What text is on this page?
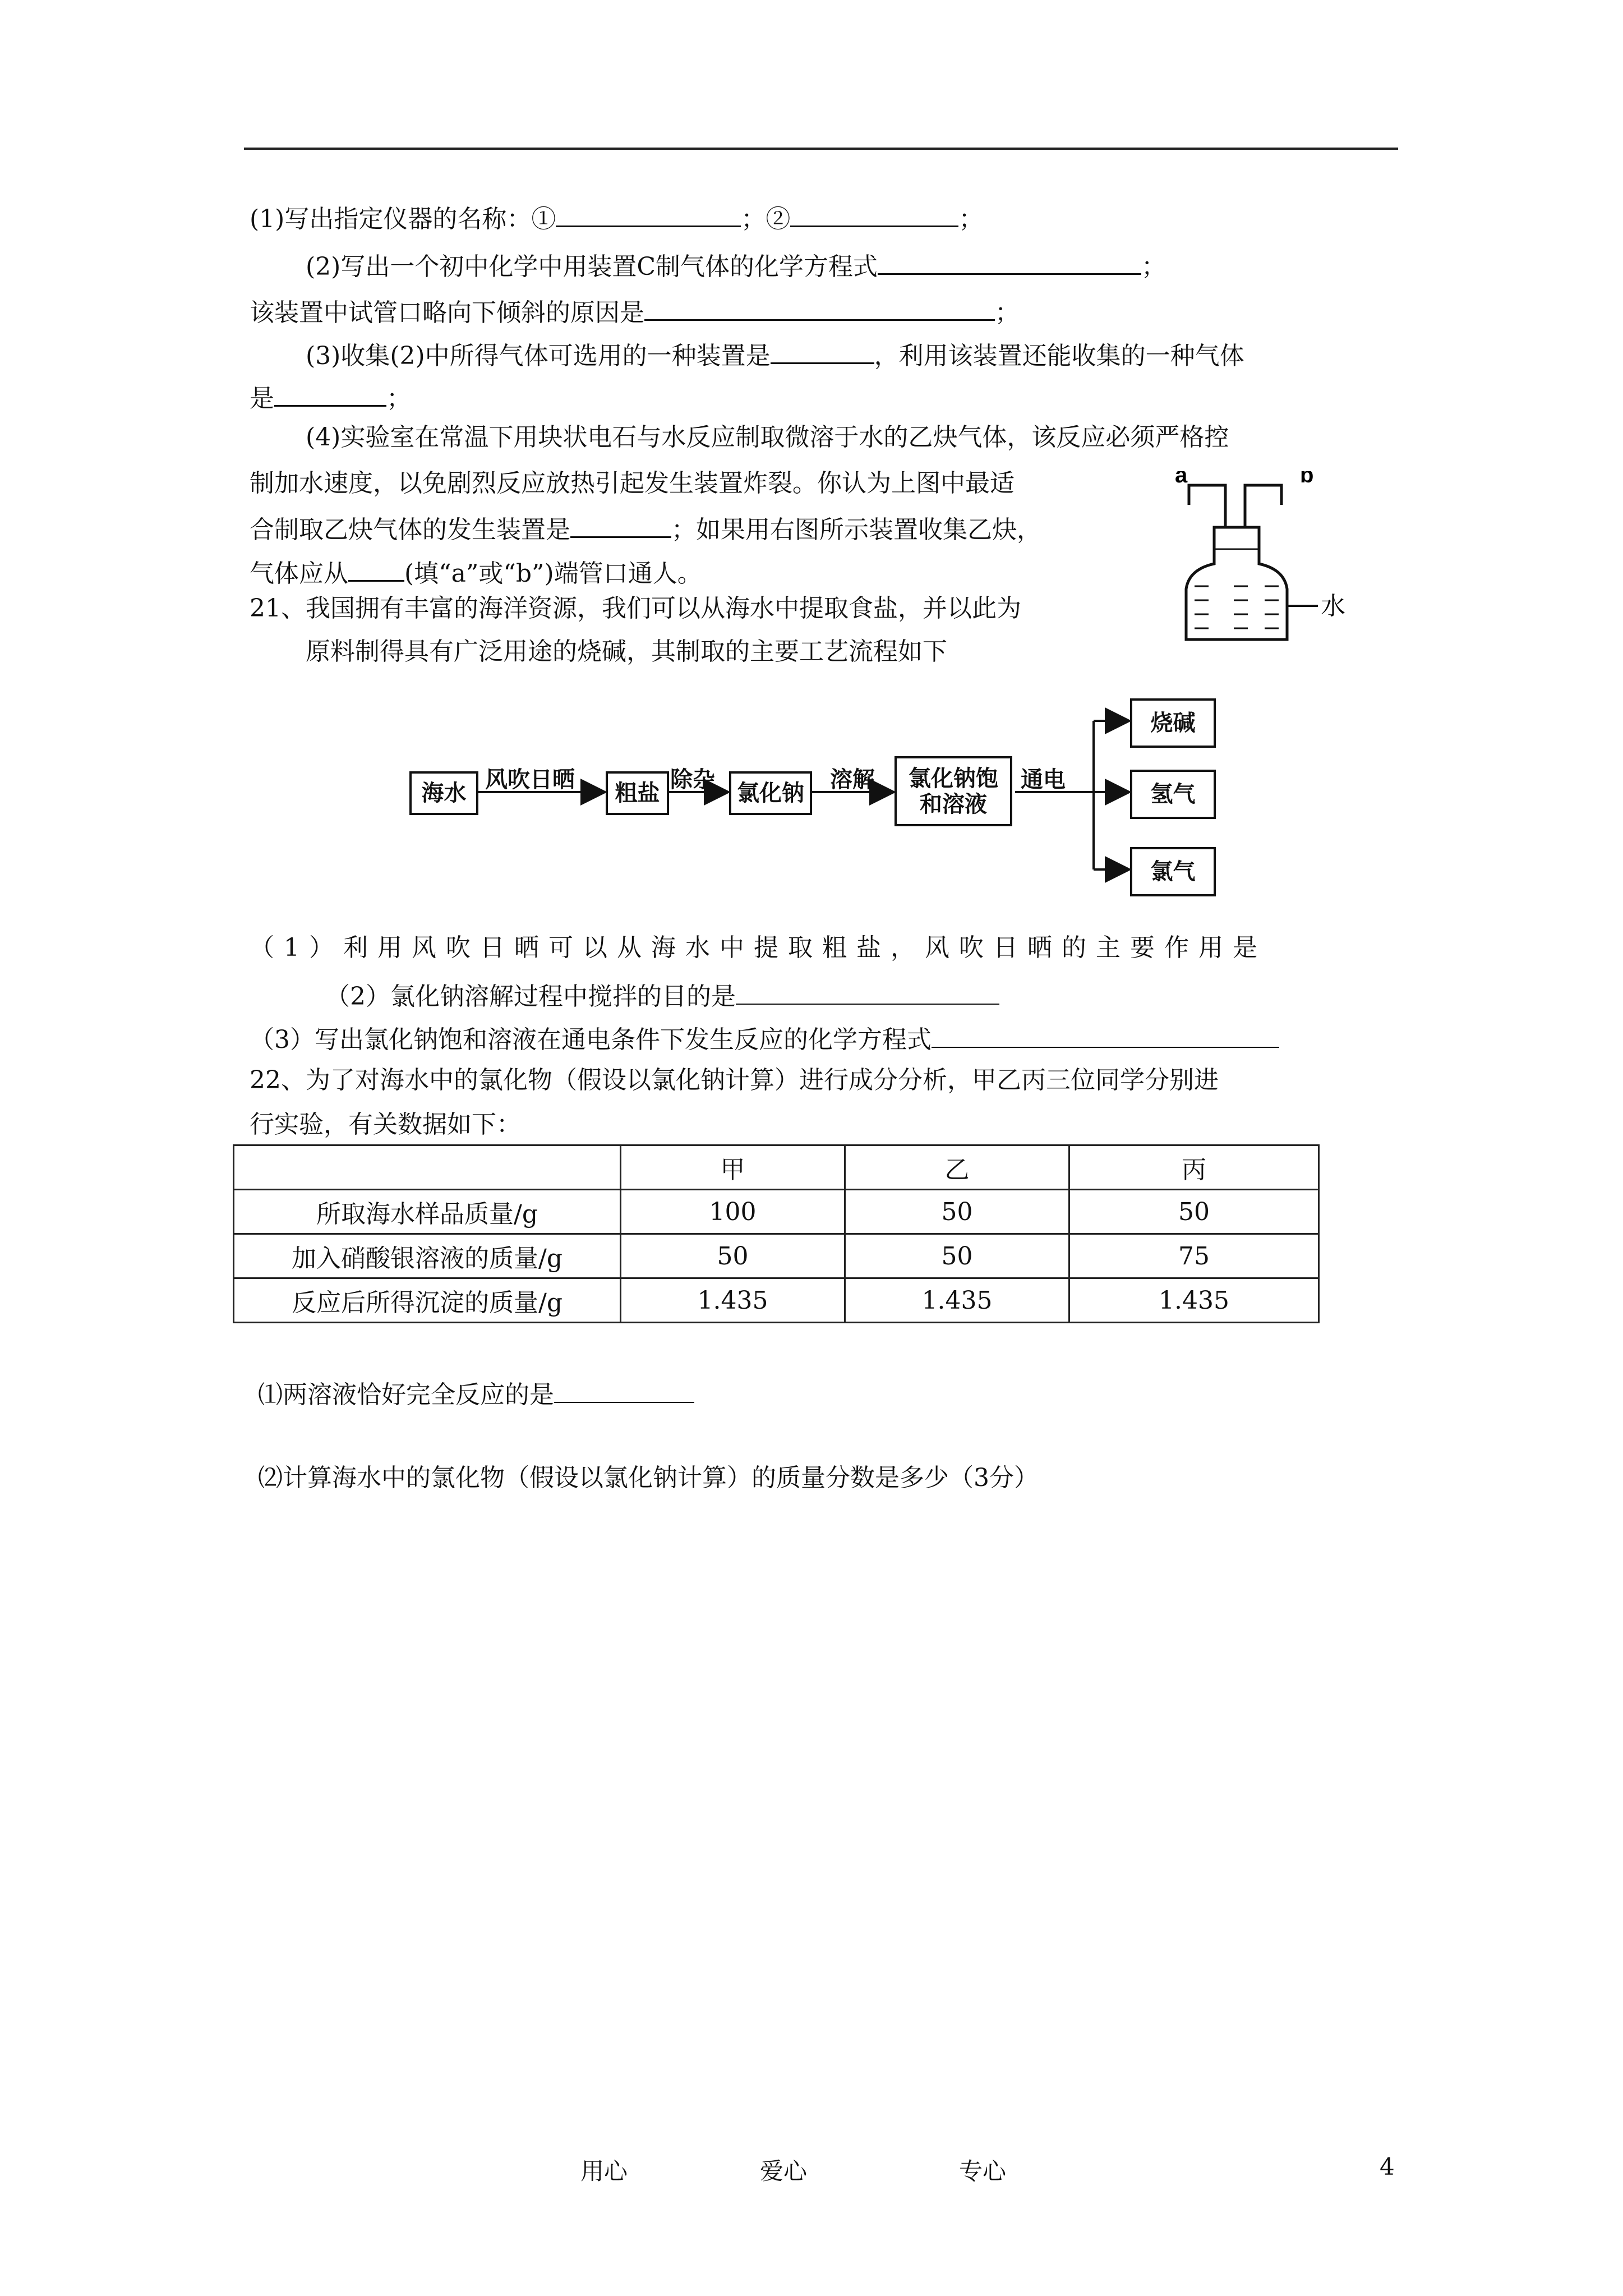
(1)写出指定仪器的名称：①	；②	；
(2)写出一个初中化学中用装置C制气体的化学方程式	；
该装置中试管口略向下倾斜的原因是	；
(3)收集(2)中所得气体可选用的一种装置是	，利用该装置还能收集的一种气体
是	；
(4)实验室在常温下用块状电石与水反应制取微溶于水的乙炔气体，该反应必须严格控
制加水速度，以免剧烈反应放热引起发生装置炸裂。你认为上图中最适
合制取乙炔气体的发生装置是	；如果用右图所示装置收集乙炔，
气体应从 (填“a”或“b”)端管口通人。
a	b
水
21、我国拥有丰富的海洋资源，我们可以从海水中提取食盐，并以此为
原料制得具有广泛用途的烧碱，其制取的主要工艺流程如下
海水
风吹日晒
粗盐
除杂
氯化钠
溶解	氯化钠饱和溶液
通电
烧碱
氢气
氯气
（1）利用风吹日晒可以从海水中提取粗盐，风吹日晒的主要作用是
（2）氯化钠溶解过程中搅拌的目的是
（3）写出氯化钠饱和溶液在通电条件下发生反应的化学方程式
22、为了对海水中的氯化物（假设以氯化钠计算）进行成分分析，甲乙丙三位同学分别进
行实验，有关数据如下：
	甲	乙	丙
所取海水样品质量/g	100	50	50
加入硝酸银溶液的质量/g	50	50	75
反应后所得沉淀的质量/g	1.435	1.435	1.435
⑴两溶液恰好完全反应的是
⑵计算海水中的氯化物（假设以氯化钠计算）的质量分数是多少（3分）
用心	爱心	专心	4
